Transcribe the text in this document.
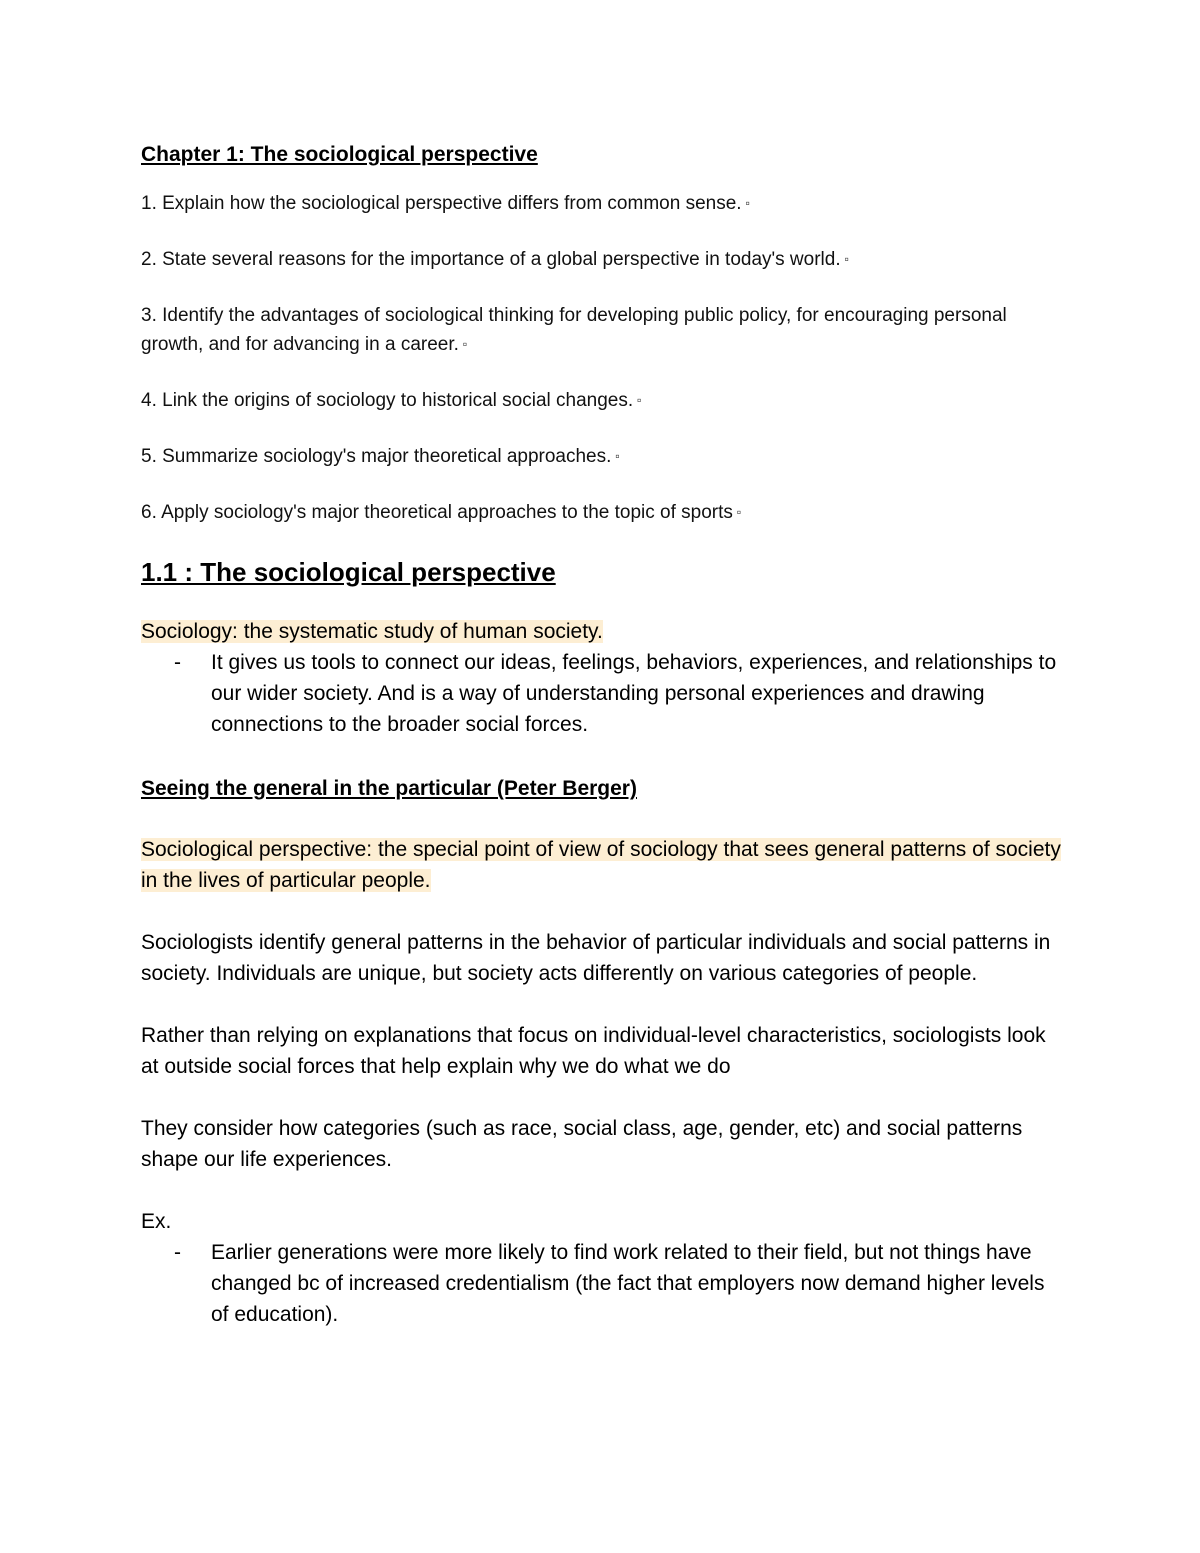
Chapter 1: The sociological perspective
1. Explain how the sociological perspective differs from common sense. ▫
2. State several reasons for the importance of a global perspective in today's world. ▫
3. Identify the advantages of sociological thinking for developing public policy, for encouraging personal growth, and for advancing in a career. ▫
4. Link the origins of sociology to historical social changes. ▫
5. Summarize sociology's major theoretical approaches. ▫
6. Apply sociology's major theoretical approaches to the topic of sports ▫
1.1 : The sociological perspective

Sociology: the systematic study of human society.

- It gives us tools to connect our ideas, feelings, behaviors, experiences, and relationships to our wider society. And is a way of understanding personal experiences and drawing connections to the broader social forces.
Seeing the general in the particular (Peter Berger)

Sociological perspective: the special point of view of sociology that sees general patterns of society in the lives of particular people.

Sociologists identify general patterns in the behavior of particular individuals and social patterns in society. Individuals are unique, but society acts differently on various categories of people.

Rather than relying on explanations that focus on individual-level characteristics, sociologists look at outside social forces that help explain why we do what we do

They consider how categories (such as race, social class, age, gender, etc) and social patterns shape our life experiences.

Ex.

- Earlier generations were more likely to find work related to their field, but not things have changed bc of increased credentialism (the fact that employers now demand higher levels of education).
